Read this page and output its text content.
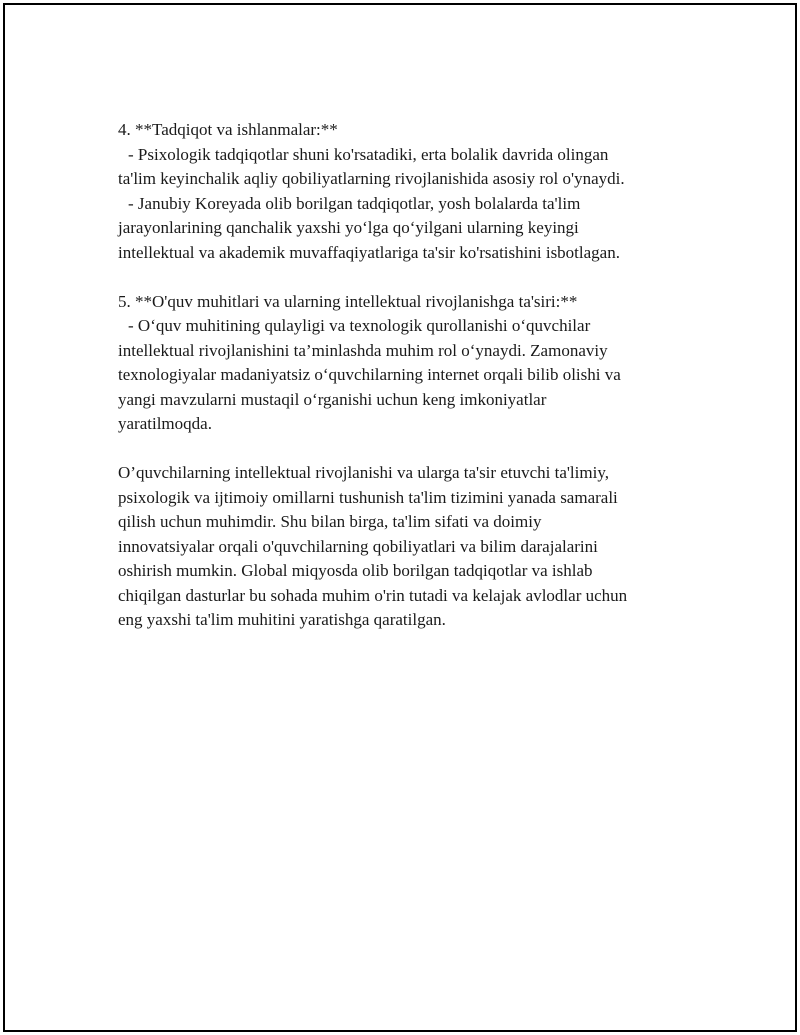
4. **Tadqiqot va ishlanmalar:**

- Psixologik tadqiqotlar shuni ko'rsatadiki, erta bolalik davrida olingan

ta'lim keyinchalik aqliy qobiliyatlarning rivojlanishida asosiy rol o'ynaydi.

- Janubiy Koreyada olib borilgan tadqiqotlar, yosh bolalarda ta'lim

jarayonlarining qanchalik yaxshi yo‘lga qo‘yilgani ularning keyingi

intellektual va akademik muvaffaqiyatlariga ta'sir ko'rsatishini isbotlagan.

5. **O'quv muhitlari va ularning intellektual rivojlanishga ta'siri:**

- O‘quv muhitining qulayligi va texnologik qurollanishi o‘quvchilar

intellektual rivojlanishini ta’minlashda muhim rol o‘ynaydi. Zamonaviy

texnologiyalar madaniyatsiz o‘quvchilarning internet orqali bilib olishi va

yangi mavzularni mustaqil o‘rganishi uchun keng imkoniyatlar

yaratilmoqda.

O’quvchilarning intellektual rivojlanishi va ularga ta'sir etuvchi ta'limiy,

psixologik va ijtimoiy omillarni tushunish ta'lim tizimini yanada samarali

qilish uchun muhimdir. Shu bilan birga, ta'lim sifati va doimiy

innovatsiyalar orqali o'quvchilarning qobiliyatlari va bilim darajalarini

oshirish mumkin. Global miqyosda olib borilgan tadqiqotlar va ishlab

chiqilgan dasturlar bu sohada muhim o'rin tutadi va kelajak avlodlar uchun

eng yaxshi ta'lim muhitini yaratishga qaratilgan.
